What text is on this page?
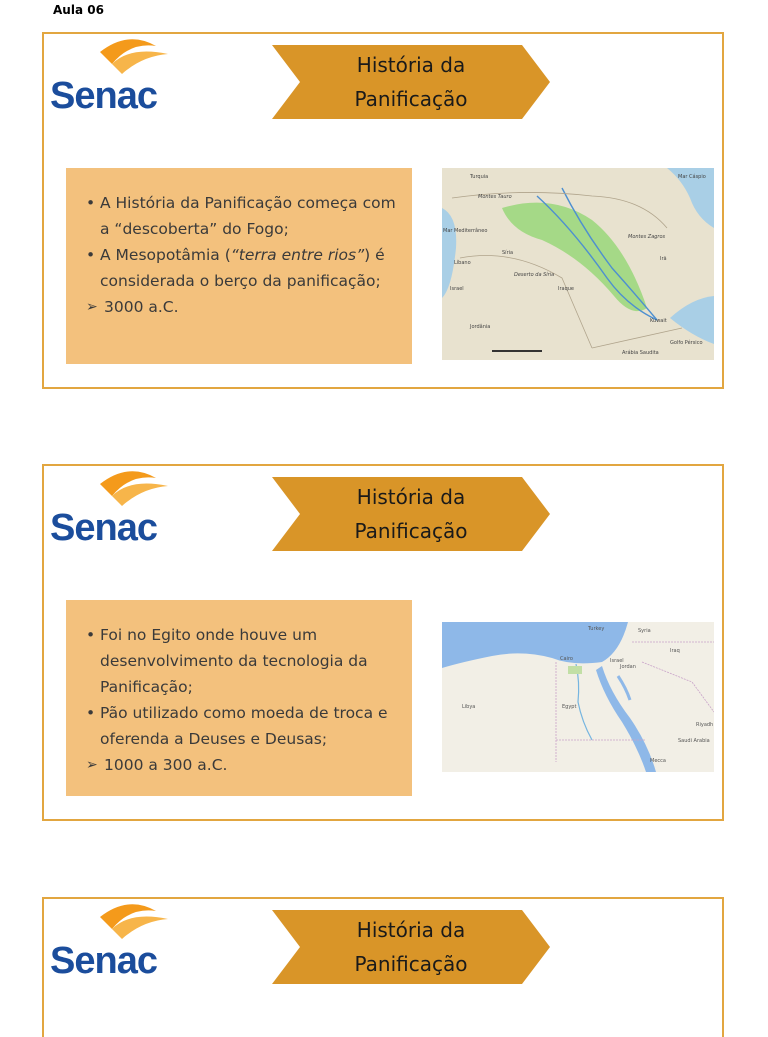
Aula 06
Senac
História da
Panificação
• A História da Panificação começa com a “descoberta” do Fogo;
• A Mesopotâmia (“terra entre rios”) é considerada o berço da panificação;
➢ 3000 a.C.
Turquia	Mar Cáspio
Montes Tauro
Montes Zagros
Síria
Líbano
Israel
Jordânia
Iraque
Irã
Deserto da Síria
Mar Mediterrâneo
Golfo Pérsico
Kuwait
Arábia Saudita
Senac
História da
Panificação
• Foi no Egito onde houve um desenvolvimento da tecnologia da Panificação;
• Pão utilizado como moeda de troca e oferenda a Deuses e Deusas;
➢ 1000 a 300 a.C.
Turkey	Syria
Iraq
Israel
Jordan
Egypt
Libya
Cairo
Saudi Arabia
Riyadh
Mecca
Senac
História da
Panificação
